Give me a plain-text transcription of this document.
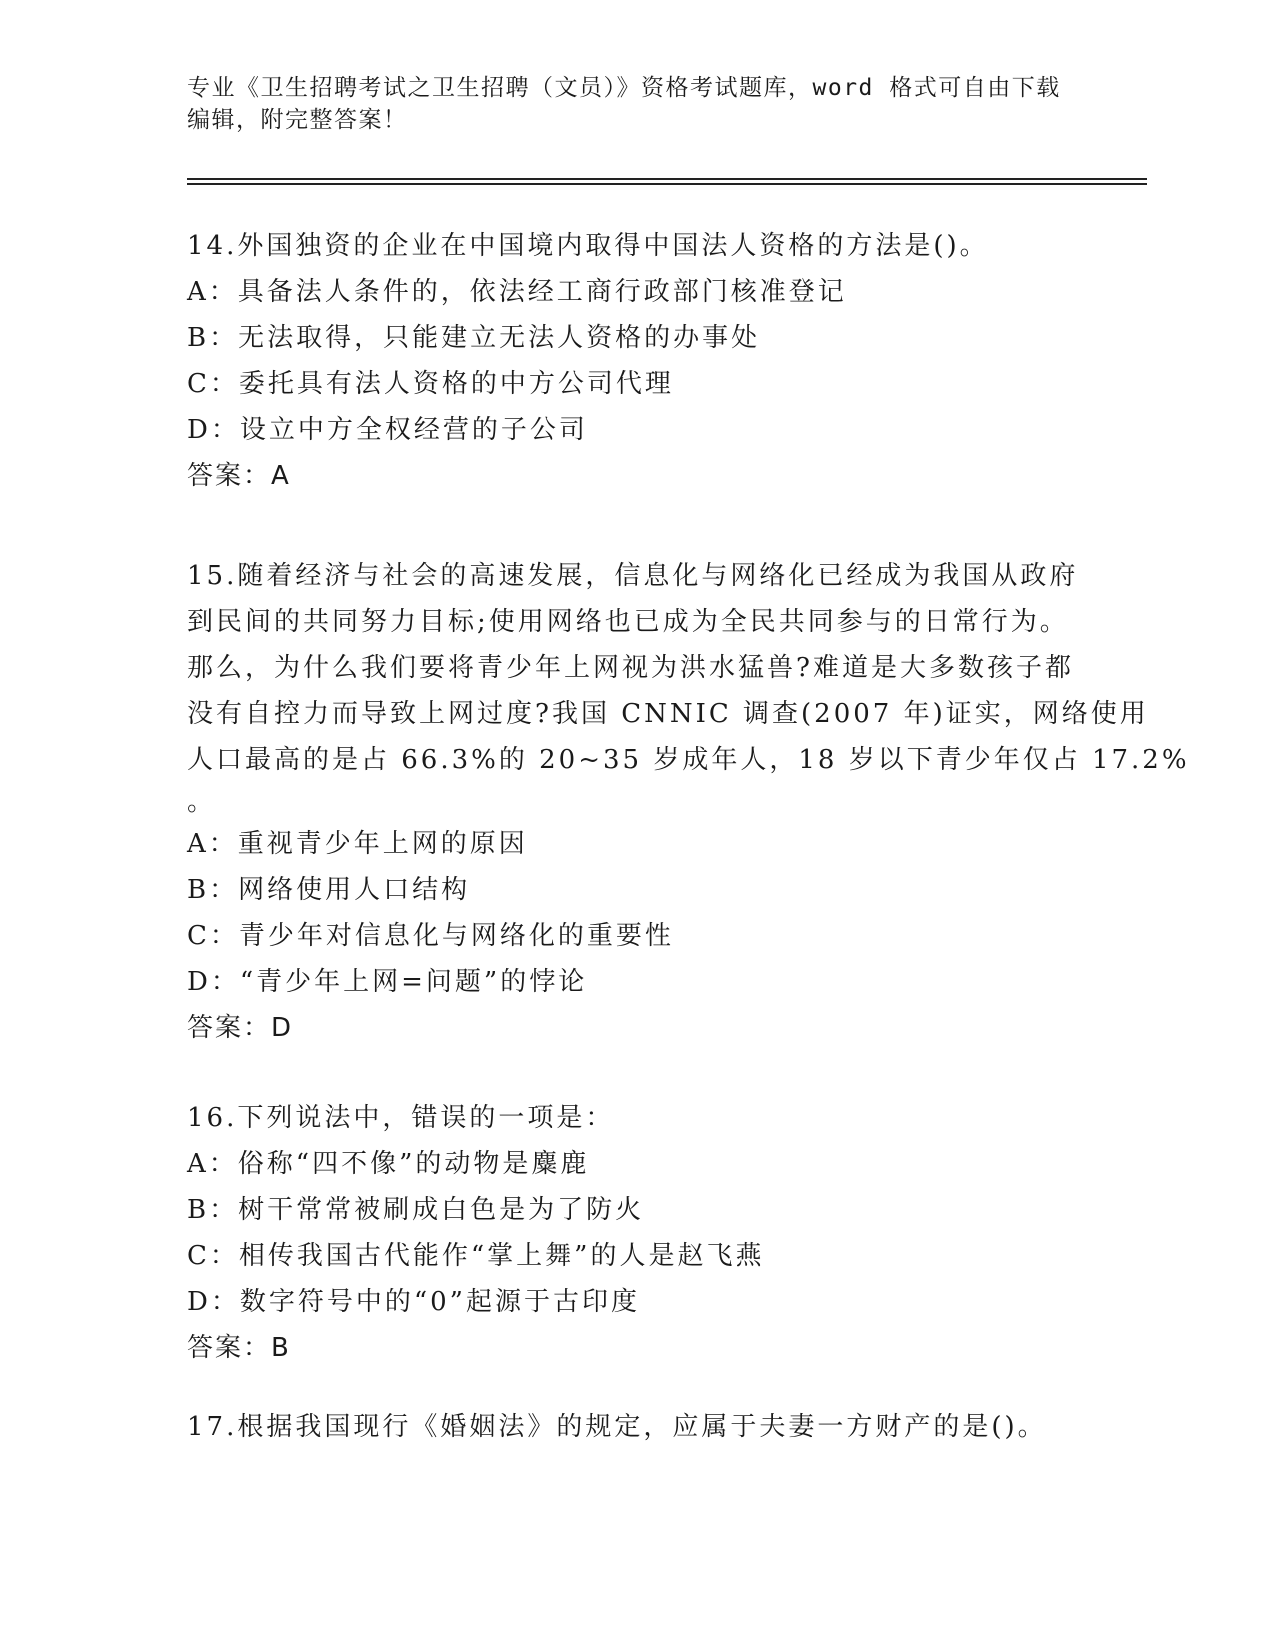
专业《卫生招聘考试之卫生招聘（文员）》资格考试题库，word 格式可自由下载
编辑，附完整答案！
14.外国独资的企业在中国境内取得中国法人资格的方法是()。
A：具备法人条件的，依法经工商行政部门核准登记
B：无法取得，只能建立无法人资格的办事处
C：委托具有法人资格的中方公司代理
D：设立中方全权经营的子公司
答案：A
15.随着经济与社会的高速发展，信息化与网络化已经成为我国从政府
到民间的共同努力目标;使用网络也已成为全民共同参与的日常行为。
那么，为什么我们要将青少年上网视为洪水猛兽?难道是大多数孩子都
没有自控力而导致上网过度?我国 CNNIC 调查(2007 年)证实，网络使用
人口最高的是占 66.3%的 20~35 岁成年人，18 岁以下青少年仅占 17.2%
。
A：重视青少年上网的原因
B：网络使用人口结构
C：青少年对信息化与网络化的重要性
D：“青少年上网=问题”的悖论
答案：D
16.下列说法中，错误的一项是：
A：俗称“四不像”的动物是麋鹿
B：树干常常被刷成白色是为了防火
C：相传我国古代能作“掌上舞”的人是赵飞燕
D：数字符号中的“0”起源于古印度
答案：B
17.根据我国现行《婚姻法》的规定，应属于夫妻一方财产的是()。
